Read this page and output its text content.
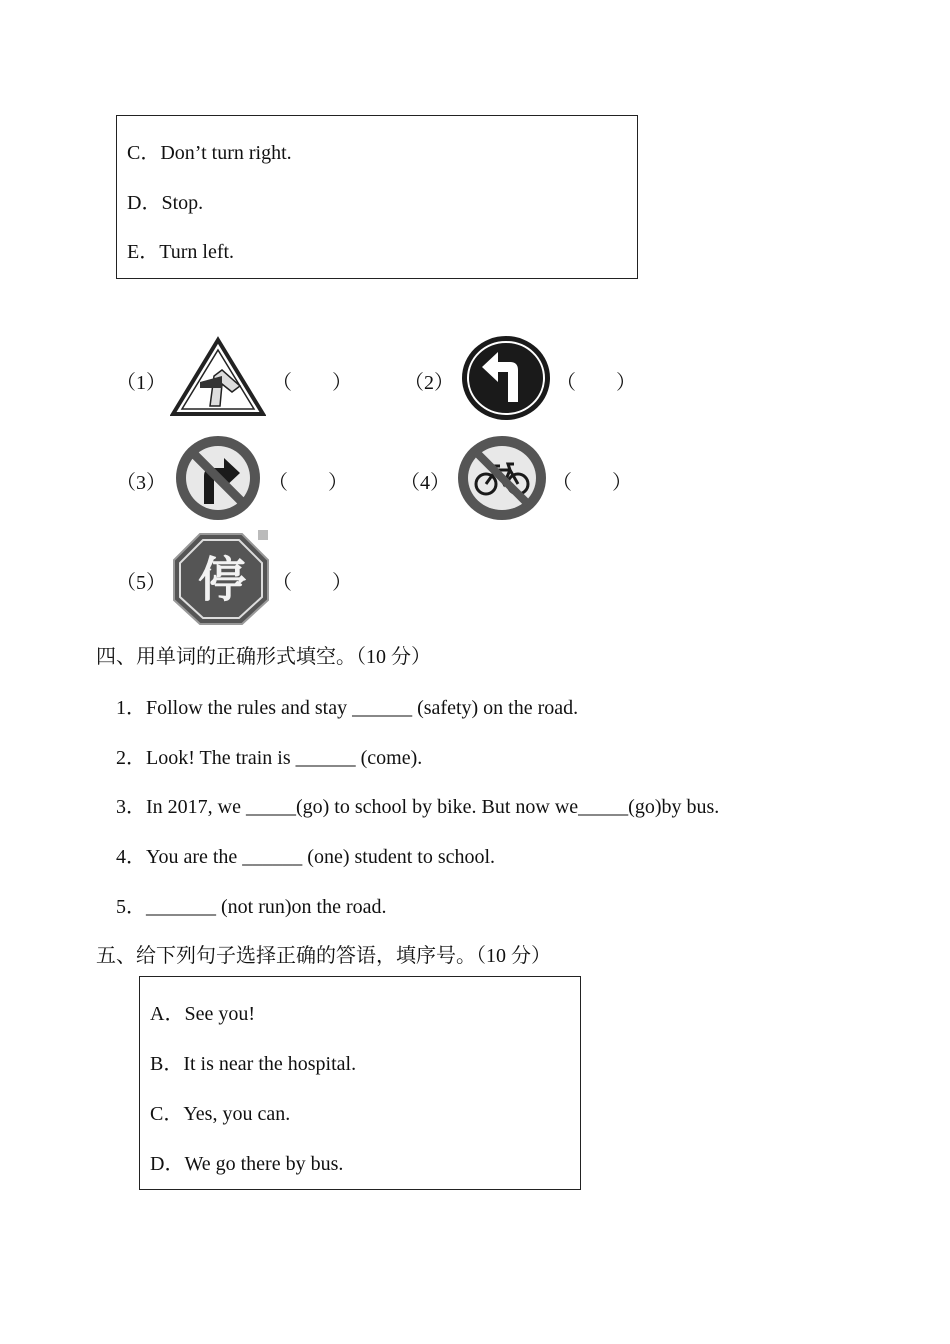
C．Don’t turn right.
D．Stop.
E．Turn left.
（1）	（        ）	（2）	（        ）
（3）	（        ）	（4）	（        ）
（5） 停 （        ）
四、用单词的正确形式填空。（10 分）
1．Follow the rules and stay ______ (safety) on the road.
2．Look! The train is ______ (come).
3．In 2017, we _____(go) to school by bike. But now we_____(go)by bus.
4．You are the ______ (one) student to school.
5．_______ (not run)on the road.
五、给下列句子选择正确的答语，填序号。（10 分）
A．See you!
B．It is near the hospital.
C．Yes, you can.
D．We go there by bus.
